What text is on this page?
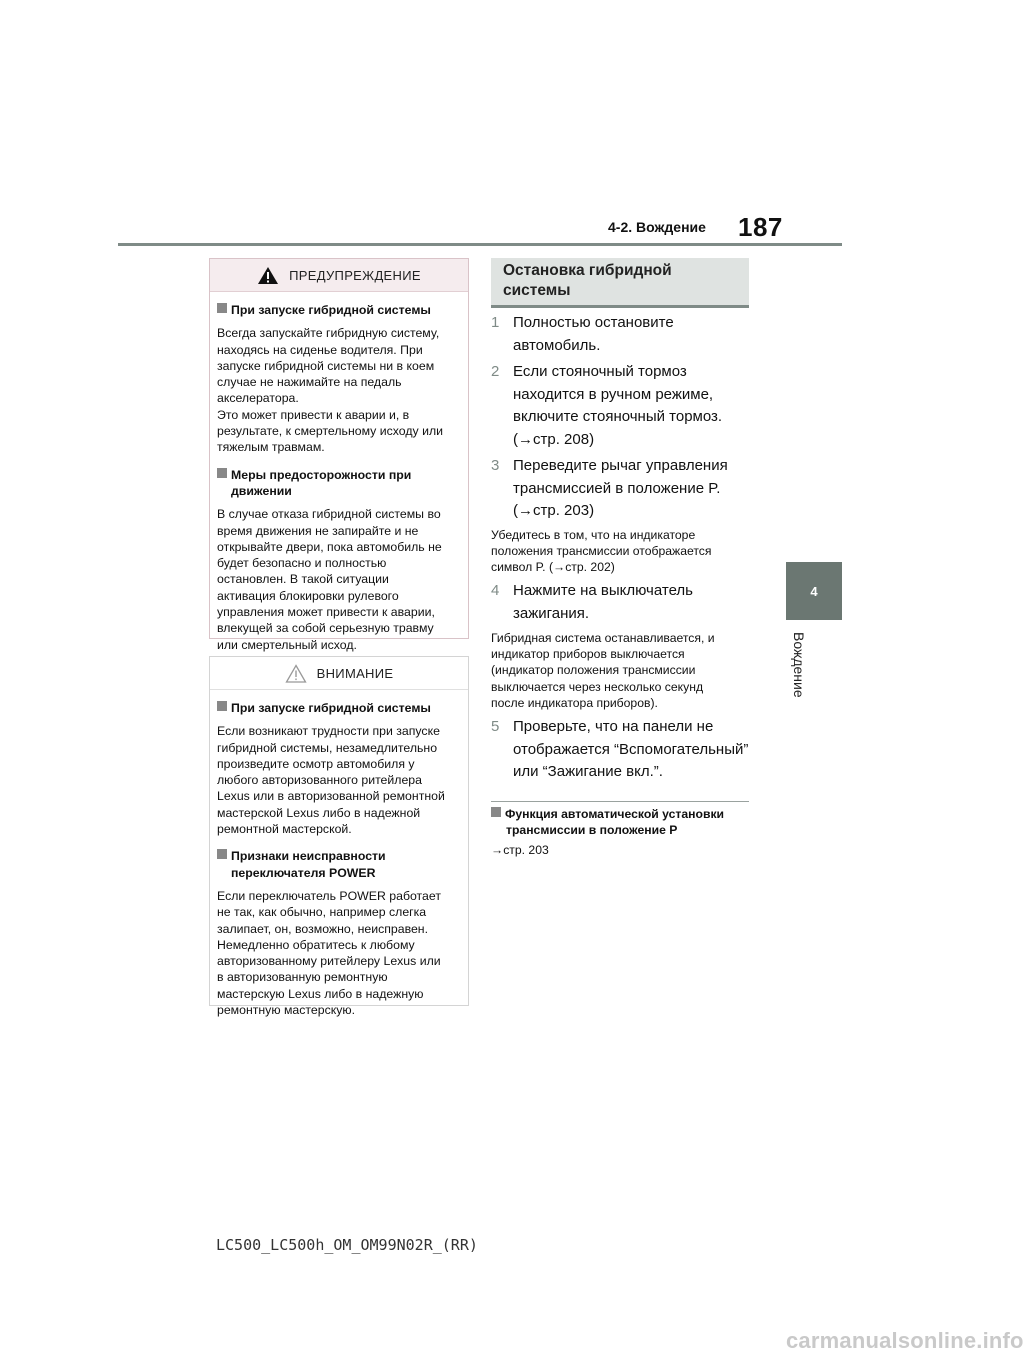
4-2. Вождение 187
4
Вождение
ПРЕДУПРЕЖДЕНИЕ
При запуске гибридной системы
Всегда запускайте гибридную систему,
находясь на сиденье водителя. При
запуске гибридной системы ни в коем
случае не нажимайте на педаль
акселератора.
Это может привести к аварии и, в
результате, к смертельному исходу или
тяжелым травмам.
Меры предосторожности при
движении
В случае отказа гибридной системы во
время движения не запирайте и не
открывайте двери, пока автомобиль не
будет безопасно и полностью
остановлен. В такой ситуации
активация блокировки рулевого
управления может привести к аварии,
влекущей за собой серьезную травму
или смертельный исход.
ВНИМАНИЕ
При запуске гибридной системы
Если возникают трудности при запуске
гибридной системы, незамедлительно
произведите осмотр автомобиля у
любого авторизованного ритейлера
Lexus или в авторизованной ремонтной
мастерской Lexus либо в надежной
ремонтной мастерской.
Признаки неисправности
переключателя POWER
Если переключатель POWER работает
не так, как обычно, например слегка
залипает, он, возможно, неисправен.
Немедленно обратитесь к любому
авторизованному ритейлеру Lexus или
в авторизованную ремонтную
мастерскую Lexus либо в надежную
ремонтную мастерскую.
Остановка гибридной
системы
1 Полностью остановите
автомобиль.
2 Если стояночный тормоз
находится в ручном режиме,
включите стояночный тормоз.
(→стр. 208)
3 Переведите рычаг управления
трансмиссией в положение P.
(→стр. 203)
Убедитесь в том, что на индикаторе
положения трансмиссии отображается
символ P. (→стр. 202)
4 Нажмите на выключатель
зажигания.
Гибридная система останавливается, и
индикатор приборов выключается
(индикатор положения трансмиссии
выключается через несколько секунд
после индикатора приборов).
5 Проверьте, что на панели не
отображается “Вспомогательный”
или “Зажигание вкл.”.
Функция автоматической установки
трансмиссии в положение P
→стр. 203
LC500_LC500h_OM_OM99N02R_(RR)
carmanualsonline.info
